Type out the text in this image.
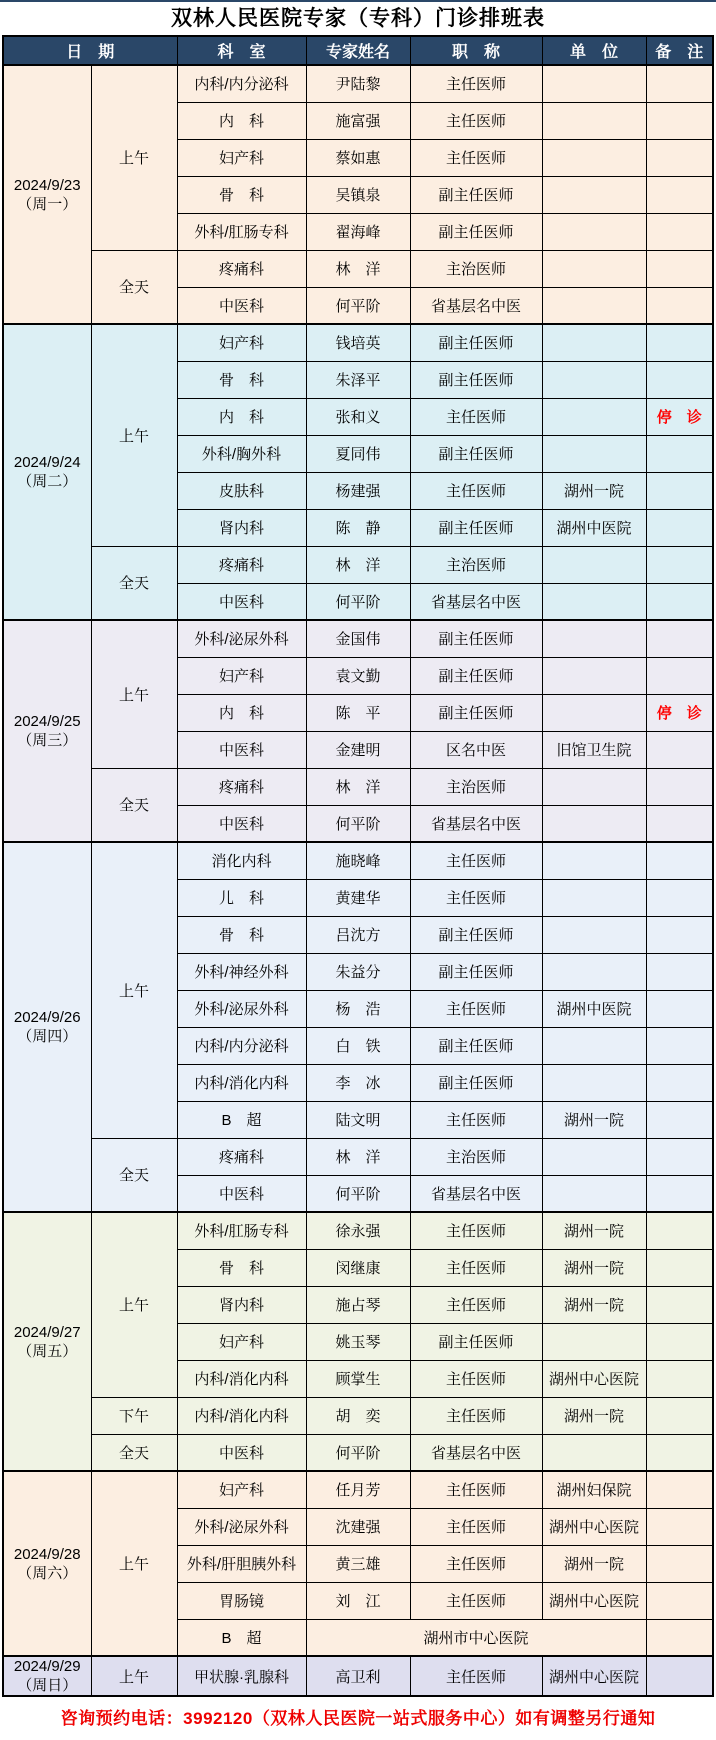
双林人民医院专家（专科）门诊排班表
日　期		科　室	专家姓名	职　称	单　位	备　注

2024/9/23
（周一）	上午	内科/内分泌科	尹陆黎	主任医师		
		内　科	施富强	主任医师		
		妇产科	蔡如惠	主任医师		
		骨　科	吴镇泉	副主任医师		
		外科/肛肠专科	翟海峰	副主任医师		
	全天	疼痛科	林　洋	主治医师		
		中医科	何平阶	省基层名中医		

2024/9/24
（周二）	上午	妇产科	钱培英	副主任医师		
		骨　科	朱泽平	副主任医师		
		内　科	张和义	主任医师		停　诊
		外科/胸外科	夏同伟	副主任医师		
		皮肤科	杨建强	主任医师	湖州一院	
		肾内科	陈　静	副主任医师	湖州中医院	
	全天	疼痛科	林　洋	主治医师		
		中医科	何平阶	省基层名中医		

2024/9/25
（周三）	上午	外科/泌尿外科	金国伟	副主任医师		
		妇产科	袁文勤	副主任医师		
		内　科	陈　平	副主任医师		停　诊
		中医科	金建明	区名中医	旧馆卫生院	
	全天	疼痛科	林　洋	主治医师		
		中医科	何平阶	省基层名中医		

2024/9/26
（周四）	上午	消化内科	施晓峰	主任医师		
		儿　科	黄建华	主任医师		
		骨　科	吕沈方	副主任医师		
		外科/神经外科	朱益分	副主任医师		
		外科/泌尿外科	杨　浩	主任医师	湖州中医院	
		内科/内分泌科	白　铁	副主任医师		
		内科/消化内科	李　冰	副主任医师		
		B　超	陆文明	主任医师	湖州一院	
	全天	疼痛科	林　洋	主治医师		
		中医科	何平阶	省基层名中医		

2024/9/27
（周五）	上午	外科/肛肠专科	徐永强	主任医师	湖州一院	
		骨　科	闵继康	主任医师	湖州一院	
		肾内科	施占琴	主任医师	湖州一院	
		妇产科	姚玉琴	副主任医师		
		内科/消化内科	顾掌生	主任医师	湖州中心医院	
	下午	内科/消化内科	胡　奕	主任医师	湖州一院	
	全天	中医科	何平阶	省基层名中医		

2024/9/28
（周六）	上午	妇产科	任月芳	主任医师	湖州妇保院	
		外科/泌尿外科	沈建强	主任医师	湖州中心医院	
		外科/肝胆胰外科	黄三雄	主任医师	湖州一院	
		胃肠镜	刘　江	主任医师	湖州中心医院	
		B　超	湖州市中心医院			

2024/9/29
（周日）	上午	甲状腺·乳腺科	高卫利	主任医师	湖州中心医院	
咨询预约电话：3992120（双林人民医院一站式服务中心）如有调整另行通知
